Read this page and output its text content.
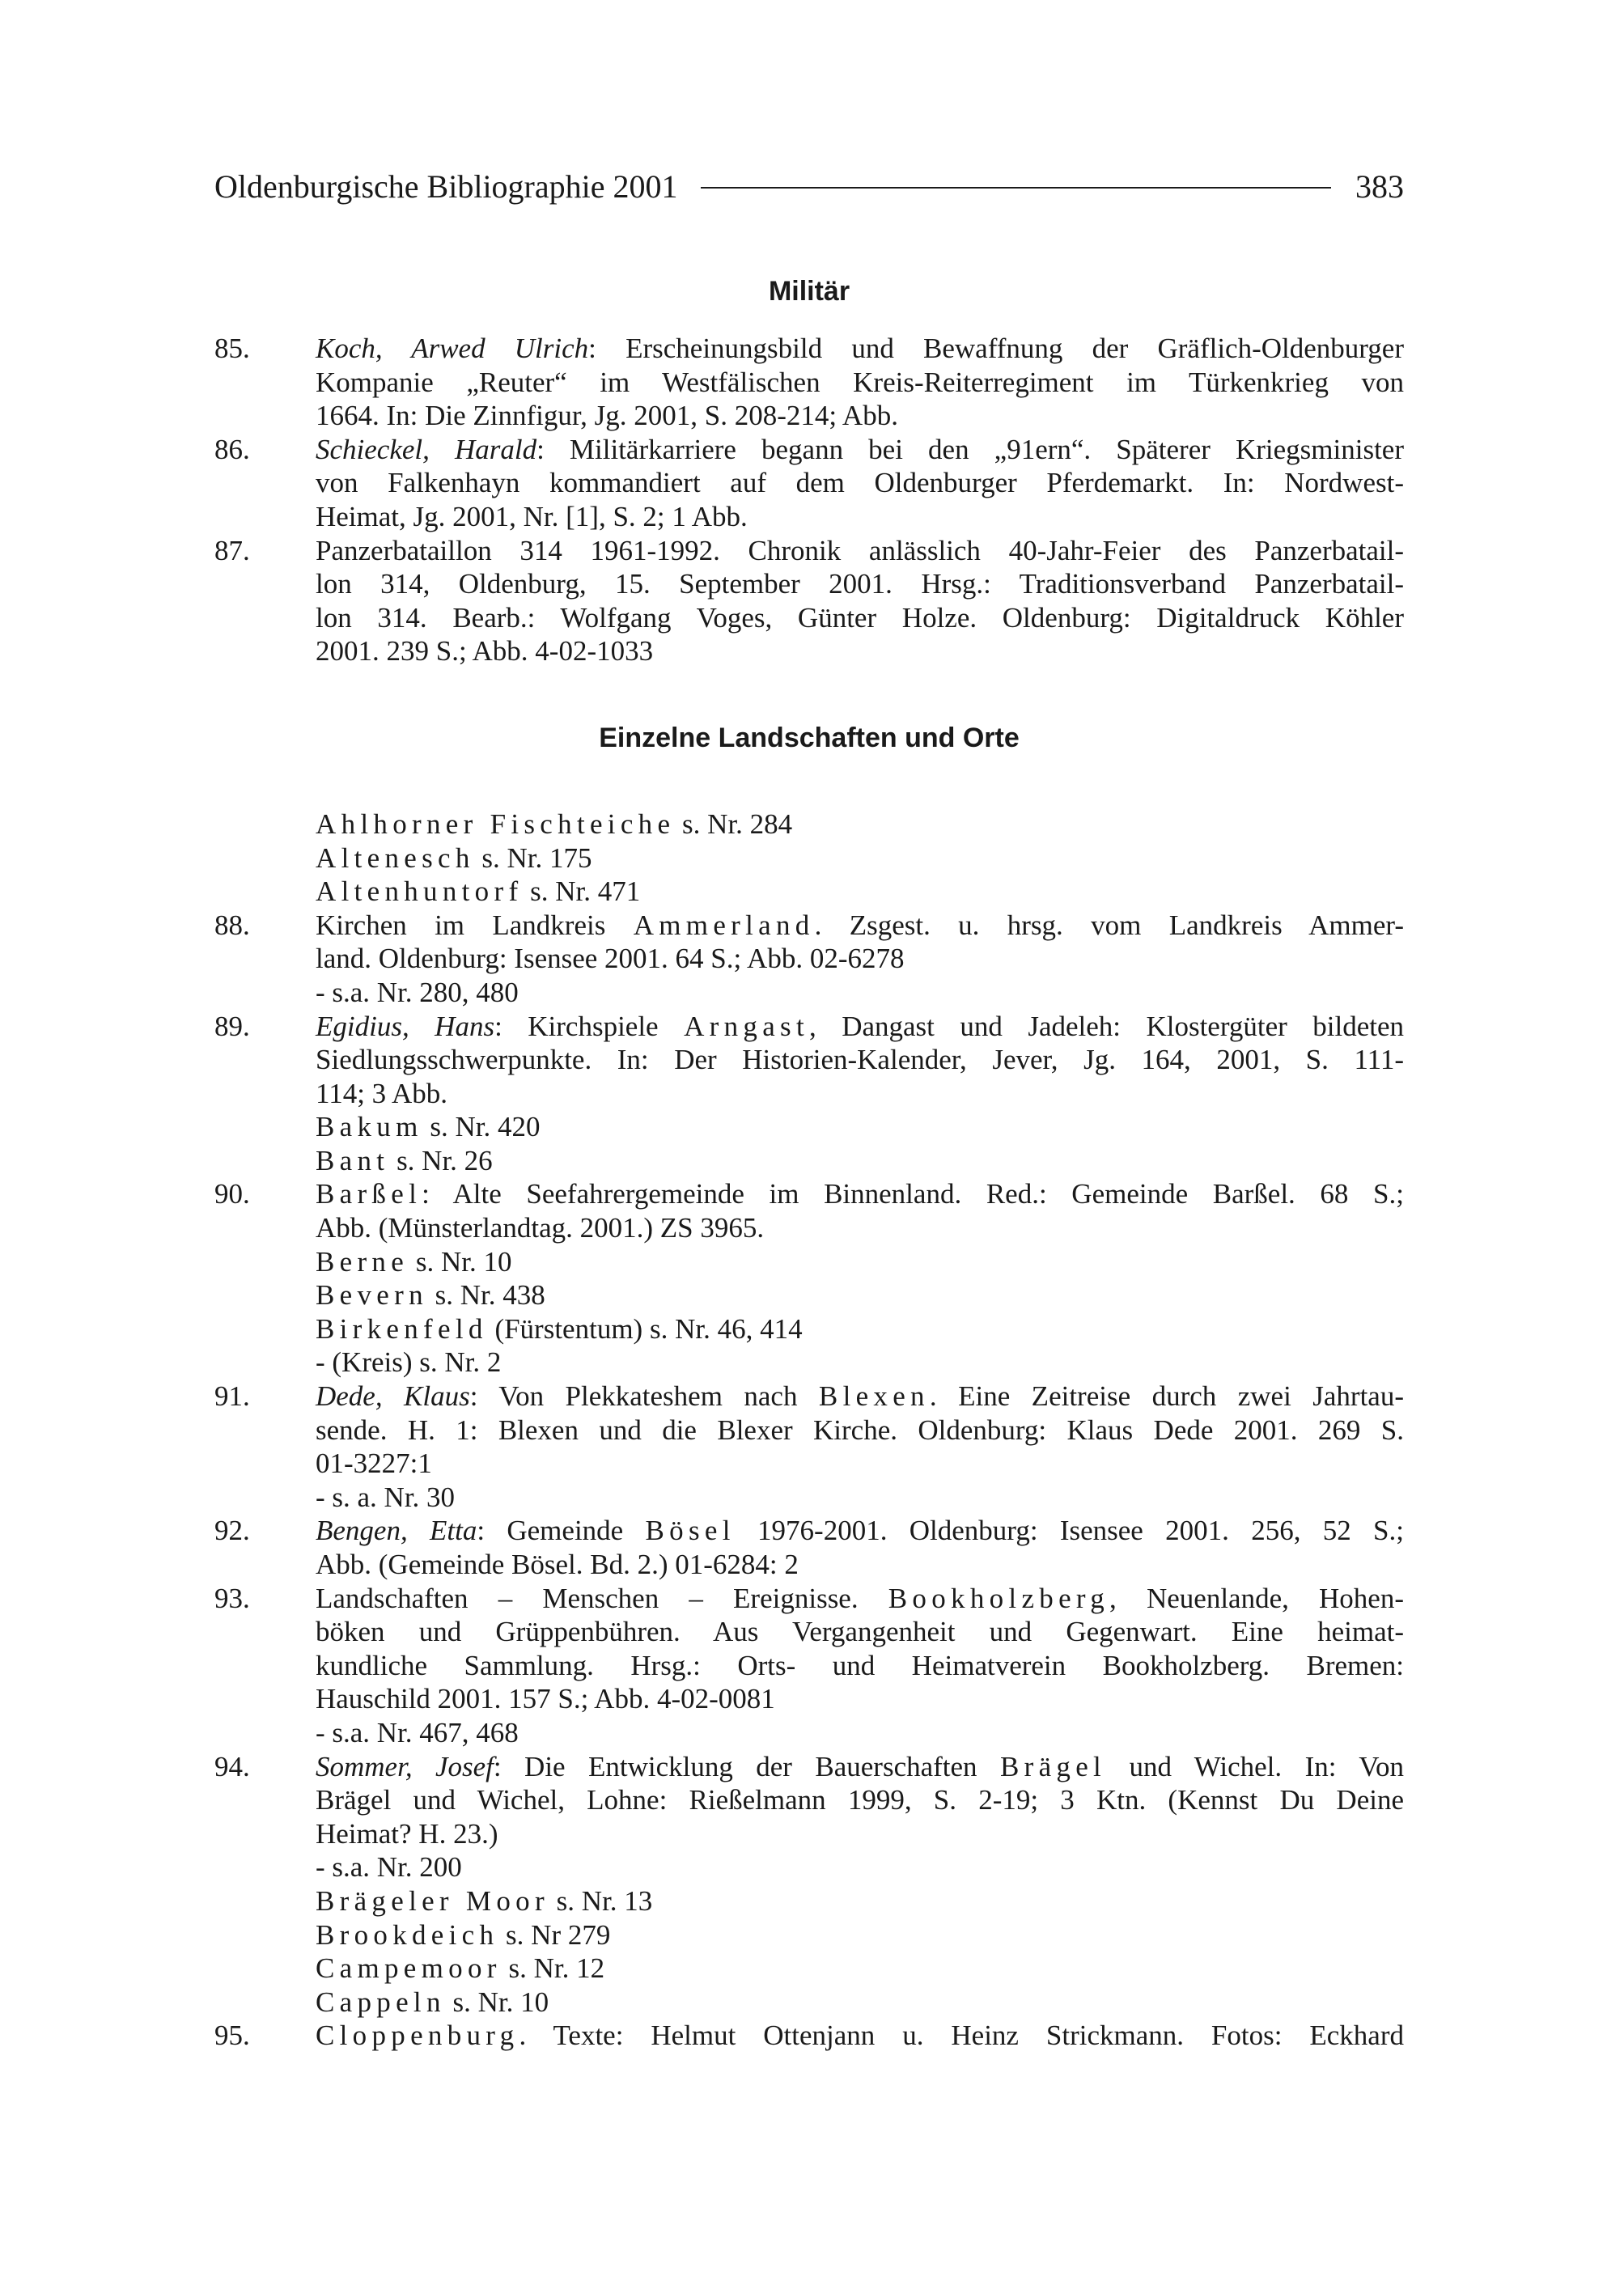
Oldenburgische Bibliographie 2001	383
Militär
85.	Koch, Arwed Ulrich: Erscheinungsbild und Bewaffnung der Gräflich-Oldenburger
Kompanie „Reuter“ im Westfälischen Kreis-Reiterregiment im Türkenkrieg von
1664. In: Die Zinnfigur, Jg. 2001, S. 208-214; Abb.
86.	Schieckel, Harald: Militärkarriere begann bei den „91ern“. Späterer Kriegsminister
von Falkenhayn kommandiert auf dem Oldenburger Pferdemarkt. In: Nordwest-
Heimat, Jg. 2001, Nr. [1], S. 2; 1 Abb.
87.	Panzerbataillon 314 1961-1992. Chronik anlässlich 40-Jahr-Feier des Panzerbatail-
lon 314, Oldenburg, 15. September 2001. Hrsg.: Traditionsverband Panzerbatail-
lon 314. Bearb.: Wolfgang Voges, Günter Holze. Oldenburg: Digitaldruck Köhler
2001. 239 S.; Abb. 4-02-1033
Einzelne Landschaften und Orte
Ahlhorner Fischteiche s. Nr. 284
Altenesch s. Nr. 175
Altenhuntorf s. Nr. 471
88.	Kirchen im Landkreis Ammerland. Zsgest. u. hrsg. vom Landkreis Ammer-
land. Oldenburg: Isensee 2001. 64 S.; Abb. 02-6278
- s.a. Nr. 280, 480
89.	Egidius, Hans: Kirchspiele Arngast, Dangast und Jadeleh: Klostergüter bildeten
Siedlungsschwerpunkte. In: Der Historien-Kalender, Jever, Jg. 164, 2001, S. 111-
114; 3 Abb.
Bakum s. Nr. 420
Bant s. Nr. 26
90.	Barßel: Alte Seefahrergemeinde im Binnenland. Red.: Gemeinde Barßel. 68 S.;
Abb. (Münsterlandtag. 2001.) ZS 3965.
Berne s. Nr. 10
Bevern s. Nr. 438
Birkenfeld (Fürstentum) s. Nr. 46, 414
- (Kreis) s. Nr. 2
91.	Dede, Klaus: Von Plekkateshem nach Blexen. Eine Zeitreise durch zwei Jahrtau-
sende. H. 1: Blexen und die Blexer Kirche. Oldenburg: Klaus Dede 2001. 269 S.
01-3227:1
- s. a. Nr. 30
92.	Bengen, Etta: Gemeinde Bösel 1976-2001. Oldenburg: Isensee 2001. 256, 52 S.;
Abb. (Gemeinde Bösel. Bd. 2.) 01-6284: 2
93.	Landschaften – Menschen – Ereignisse. Bookholzberg, Neuenlande, Hohen-
böken und Grüppenbühren. Aus Vergangenheit und Gegenwart. Eine heimat-
kundliche Sammlung. Hrsg.: Orts- und Heimatverein Bookholzberg. Bremen:
Hauschild 2001. 157 S.; Abb. 4-02-0081
- s.a. Nr. 467, 468
94.	Sommer, Josef: Die Entwicklung der Bauerschaften Brägel und Wichel. In: Von
Brägel und Wichel, Lohne: Rießelmann 1999, S. 2-19; 3 Ktn. (Kennst Du Deine
Heimat? H. 23.)
- s.a. Nr. 200
Brägeler Moor s. Nr. 13
Brookdeich s. Nr 279
Campemoor s. Nr. 12
Cappeln s. Nr. 10
95.	Cloppenburg. Texte: Helmut Ottenjann u. Heinz Strickmann. Fotos: Eckhard
